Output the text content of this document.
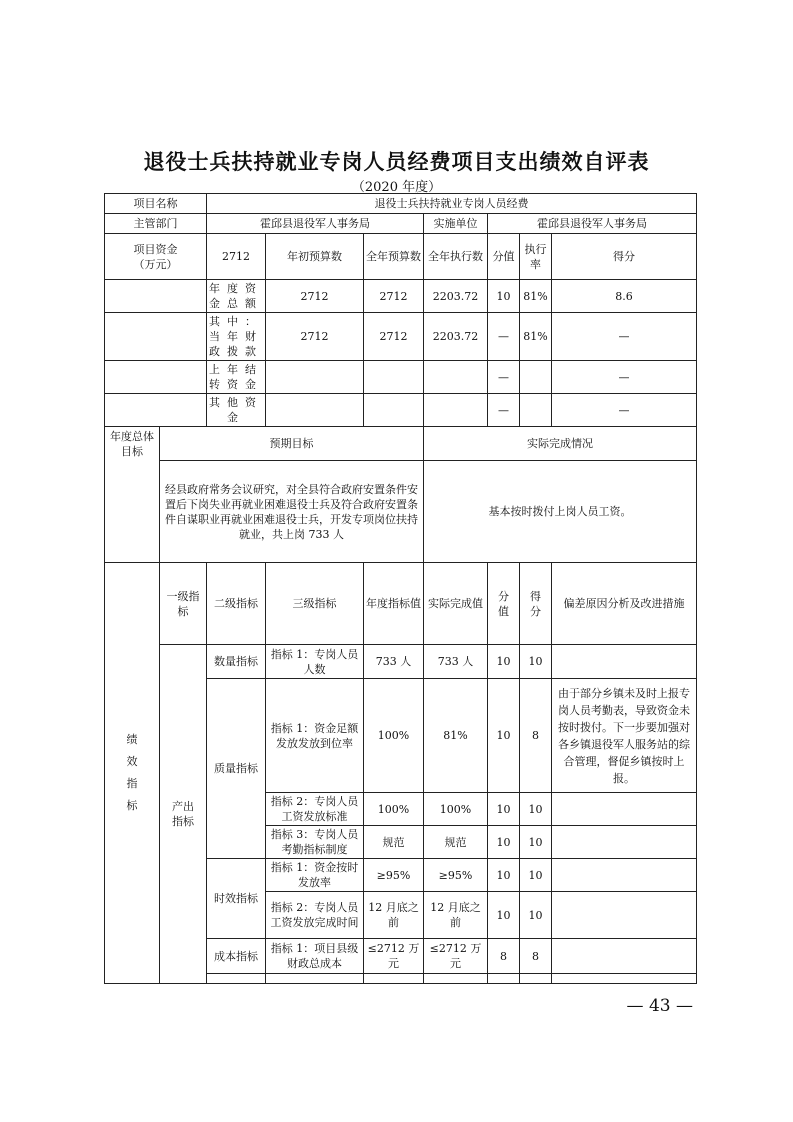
退役士兵扶持就业专岗人员经费项目支出绩效自评表
（2020 年度）
项目名称		退役士兵扶持就业专岗人员经费						
主管部门		霍邱县退役军人事务局			实施单位	霍邱县退役军人事务局		
项目资金
（万元）		2712	年初预算数	全年预算数	全年执行数	分值	执行率	得分
		年度资金总额	2712	2712	2203.72	10	81%	8.6
		其中：当年财政拨款	2712	2712	2203.72	—	81%	—
		上年结转资金				—		—
		其他资金				—		—
年度总体目标	预期目标				实际完成情况			
	经县政府常务会议研究，对全县符合政府安置条件安置后下岗失业再就业困难退役士兵及符合政府安置条件自谋职业再就业困难退役士兵，开发专项岗位扶持就业，共上岗 733 人				基本按时拨付上岗人员工资。			
绩效指标	一级指标	二级指标	三级指标	年度指标值	实际完成值	分值	得分	偏差原因分析及改进措施
	产出指标	数量指标	指标 1：专岗人员人数	733 人	733 人	10	10	
		质量指标	指标 1：资金足额发放发放到位率	100%	81%	10	8	由于部分乡镇未及时上报专岗人员考勤表，导致资金未按时拨付。下一步要加强对各乡镇退役军人服务站的综合管理，督促乡镇按时上报。
			指标 2：专岗人员工资发放标准	100%	100%	10	10	
			指标 3：专岗人员考勤指标制度	规范	规范	10	10	
		时效指标	指标 1：资金按时发放率	≥95%	≥95%	10	10	
			指标 2：专岗人员工资发放完成时间	12 月底之前	12 月底之前	10	10	
		成本指标	指标 1：项目县级财政总成本	≤2712 万元	≤2712 万元	8	8	

— 43 —
